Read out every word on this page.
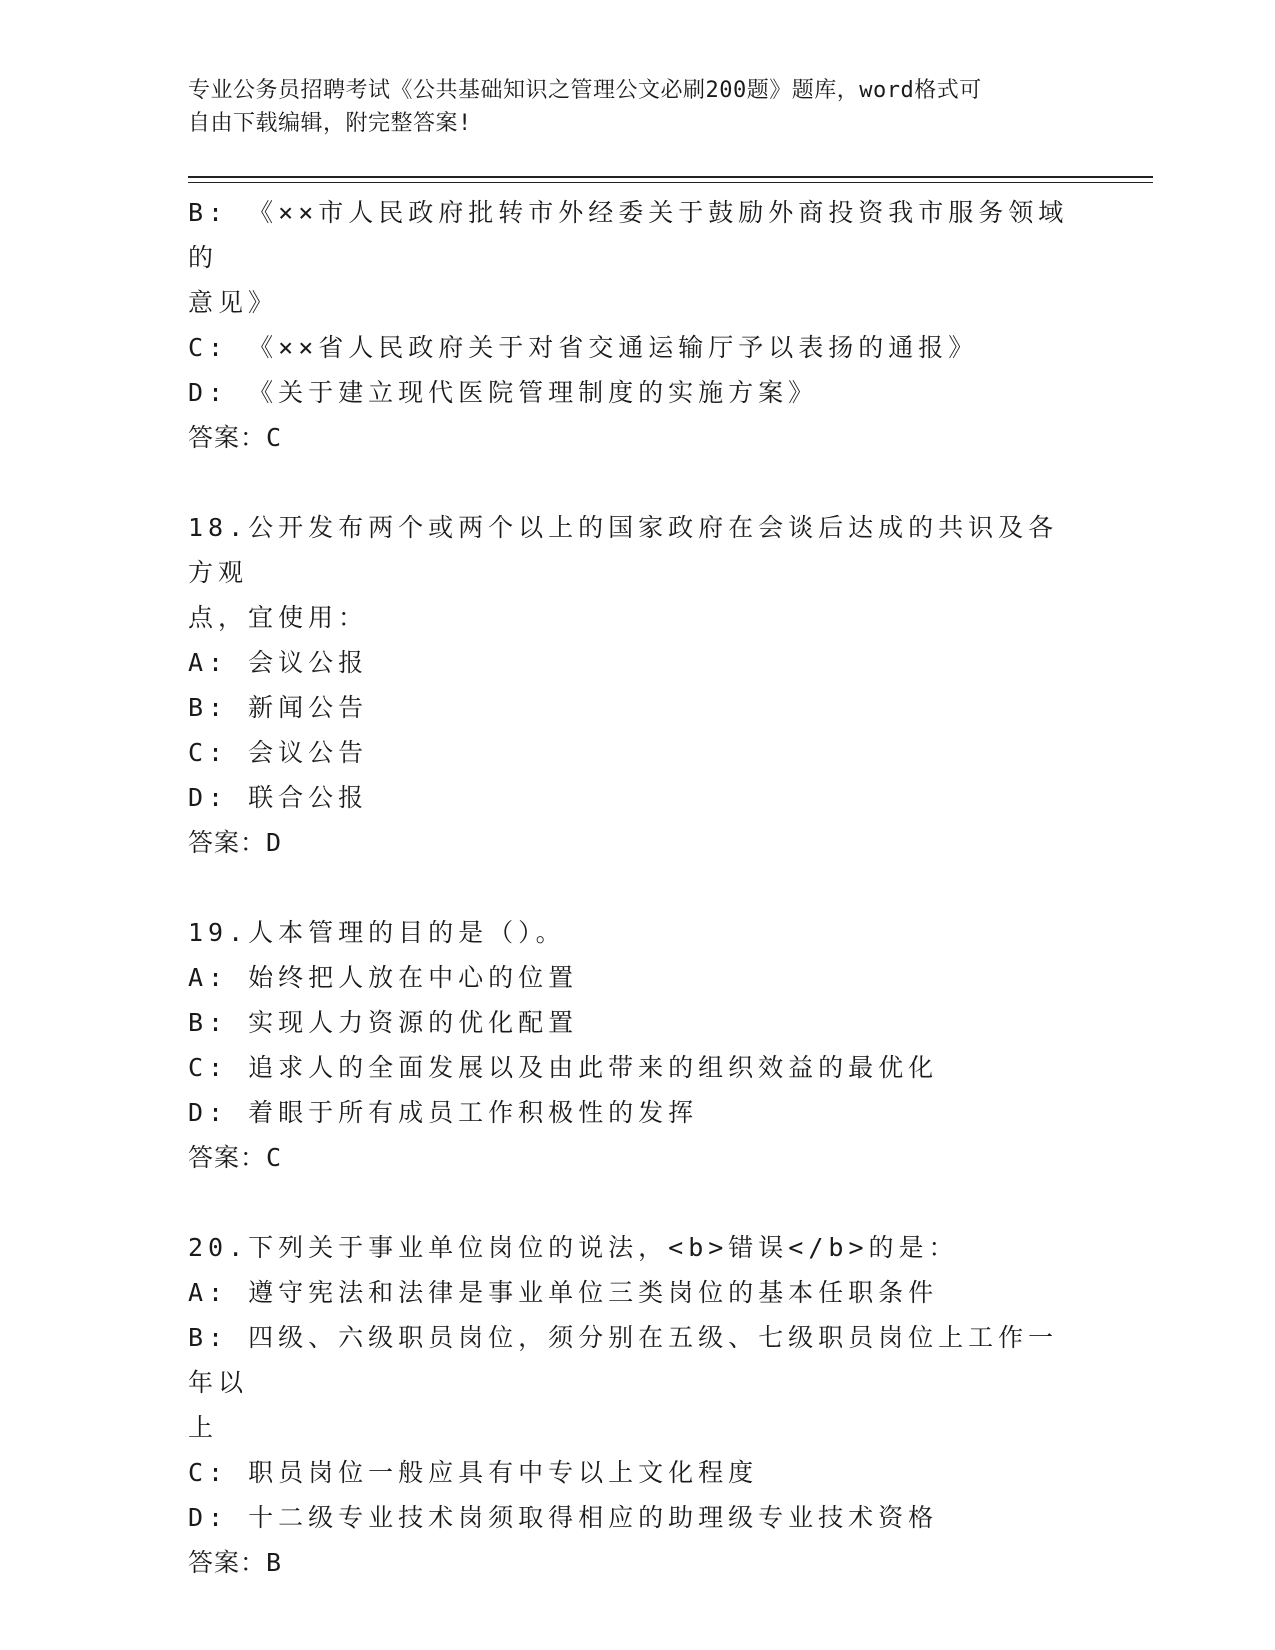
专业公务员招聘考试《公共基础知识之管理公文必刷200题》题库，word格式可
自由下载编辑，附完整答案!
B: 《××市人民政府批转市外经委关于鼓励外商投资我市服务领域的
意见》
C: 《××省人民政府关于对省交通运输厅予以表扬的通报》
D: 《关于建立现代医院管理制度的实施方案》
答案：C
18.公开发布两个或两个以上的国家政府在会谈后达成的共识及各方观
点，宜使用：
A: 会议公报
B: 新闻公告
C: 会议公告
D: 联合公报
答案：D
19.人本管理的目的是（）。
A: 始终把人放在中心的位置
B: 实现人力资源的优化配置
C: 追求人的全面发展以及由此带来的组织效益的最优化
D: 着眼于所有成员工作积极性的发挥
答案：C
20.下列关于事业单位岗位的说法，<b>错误</b>的是：
A: 遵守宪法和法律是事业单位三类岗位的基本任职条件
B: 四级、六级职员岗位，须分别在五级、七级职员岗位上工作一年以
上
C: 职员岗位一般应具有中专以上文化程度
D: 十二级专业技术岗须取得相应的助理级专业技术资格
答案：B
